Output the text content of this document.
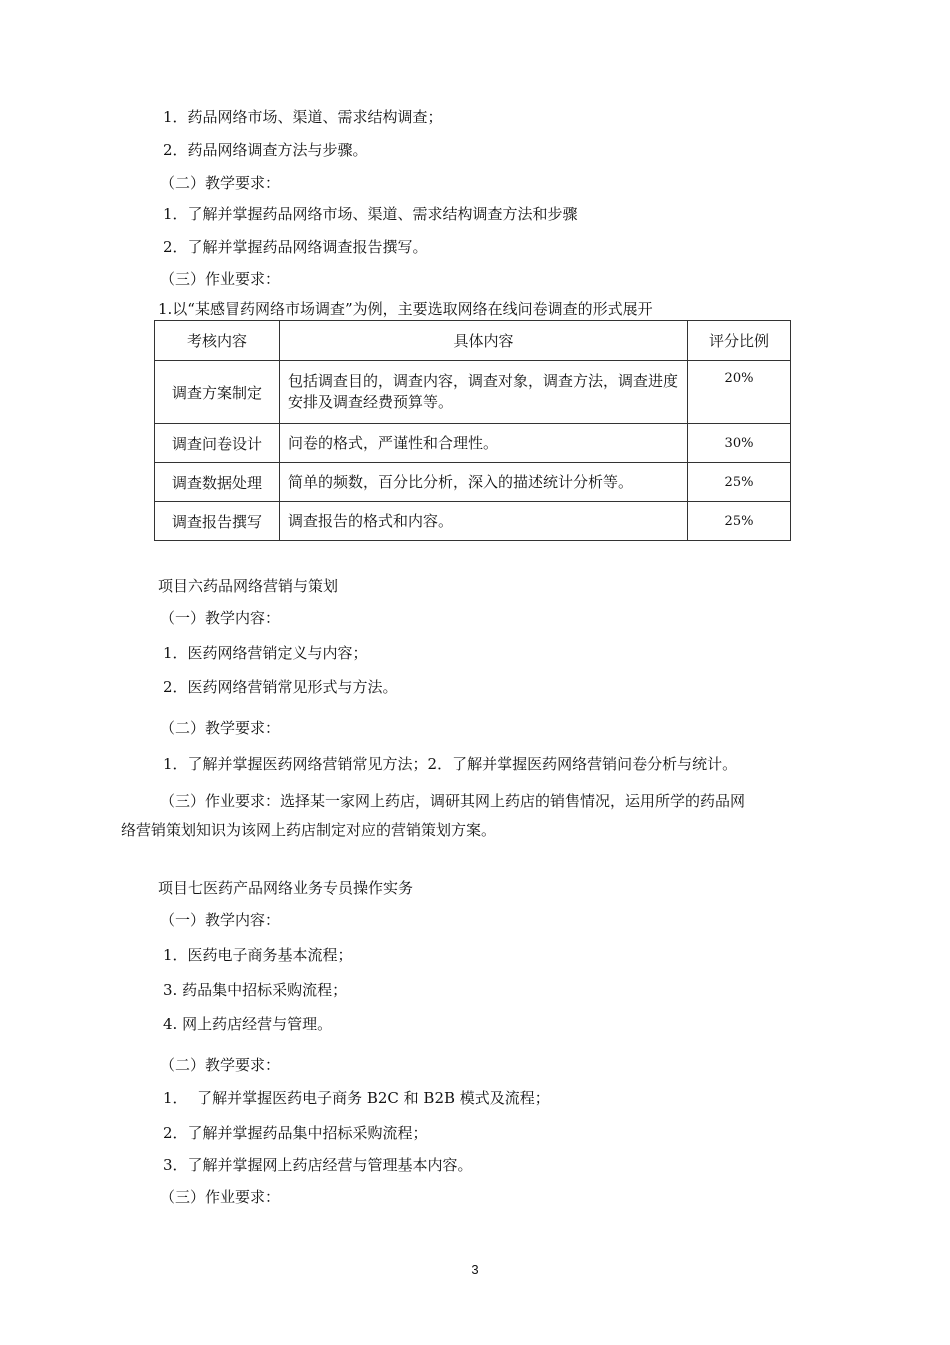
1．药品网络市场、渠道、需求结构调查；
2．药品网络调查方法与步骤。
（二）教学要求：
1．了解并掌握药品网络市场、渠道、需求结构调查方法和步骤
2．了解并掌握药品网络调查报告撰写。
（三）作业要求：
1.以“某感冒药网络市场调查”为例，主要选取网络在线问卷调查的形式展开
考核内容	具体内容	评分比例
调查方案制定	包括调查目的，调查内容，调查对象，调查方法，调查进度安排及调查经费预算等。	20%
调查问卷设计	问卷的格式，严谨性和合理性。	30%
调查数据处理	简单的频数，百分比分析，深入的描述统计分析等。	25%
调查报告撰写	调查报告的格式和内容。	25%
项目六药品网络营销与策划
（一）教学内容：
1．医药网络营销定义与内容；
2．医药网络营销常见形式与方法。
（二）教学要求：
1．了解并掌握医药网络营销常见方法；2．了解并掌握医药网络营销问卷分析与统计。
（三）作业要求：选择某一家网上药店，调研其网上药店的销售情况，运用所学的药品网
络营销策划知识为该网上药店制定对应的营销策划方案。
项目七医药产品网络业务专员操作实务
（一）教学内容：
1．医药电子商务基本流程；
3. 药品集中招标采购流程；
4. 网上药店经营与管理。
（二）教学要求：
1．  了解并掌握医药电子商务 B2C 和 B2B 模式及流程；
2．了解并掌握药品集中招标采购流程；
3．了解并掌握网上药店经营与管理基本内容。
（三）作业要求：
3
